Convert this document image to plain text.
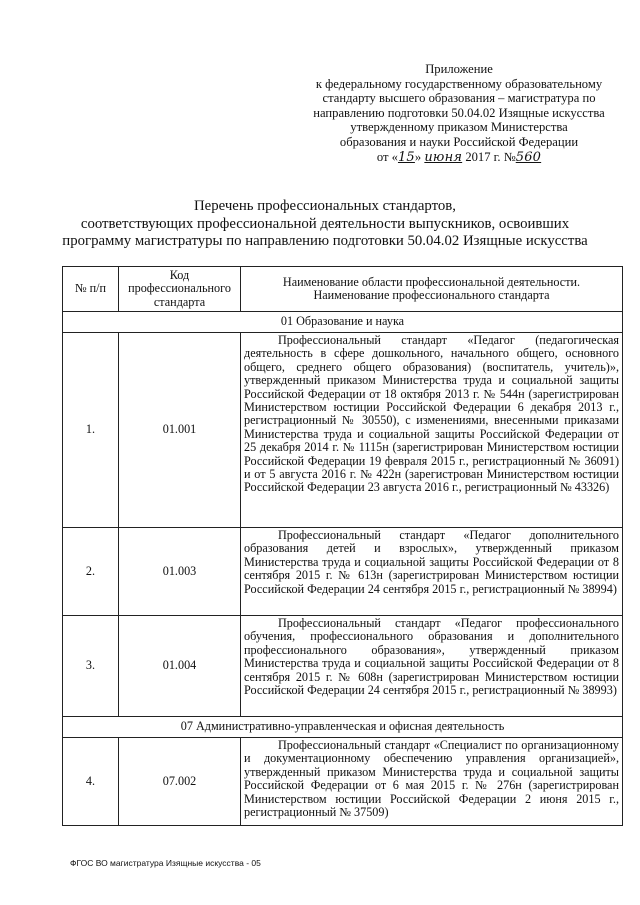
Приложение
к федеральному государственному образовательному
стандарту высшего образования – магистратура по
направлению подготовки 50.04.02 Изящные искусства
утвержденному приказом Министерства
образования и науки Российской Федерации
от «15» июня 2017 г. №560
Перечень профессиональных стандартов,
соответствующих профессиональной деятельности выпускников, освоивших
программу магистратуры по направлению подготовки 50.04.02 Изящные искусства
№ п/п	Код профессионального стандарта	Наименование области профессиональной деятельности. Наименование профессионального стандарта
01 Образование и наука		
1.	01.001	Профессиональный стандарт «Педагог (педагогическая деятельность в сфере дошкольного, начального общего, основного общего, среднего общего образования) (воспитатель, учитель)», утвержденный приказом Министерства труда и социальной защиты Российской Федерации от 18 октября 2013 г. № 544н (зарегистрирован Министерством юстиции Российской Федерации 6 декабря 2013 г., регистрационный № 30550), с изменениями, внесенными приказами Министерства труда и социальной защиты Российской Федерации от 25 декабря 2014 г. № 1115н (зарегистрирован Министерством юстиции Российской Федерации 19 февраля 2015 г., регистрационный № 36091) и от 5 августа 2016 г. № 422н (зарегистрован Министерством юстиции Российской Федерации 23 августа 2016 г., регистрационный № 43326)
2.	01.003	Профессиональный стандарт «Педагог дополнительного образования детей и взрослых», утвержденный приказом Министерства труда и социальной защиты Российской Федерации от 8 сентября 2015 г. № 613н (зарегистрирован Министерством юстиции Российской Федерации 24 сентября 2015 г., регистрационный № 38994)
3.	01.004	Профессиональный стандарт «Педагог профессионального обучения, профессионального образования и дополнительного профессионального образования», утвержденный приказом Министерства труда и социальной защиты Российской Федерации от 8 сентября 2015 г. № 608н (зарегистрирован Министерством юстиции Российской Федерации 24 сентября 2015 г., регистрационный № 38993)
07 Административно-управленческая и офисная деятельность		
4.	07.002	Профессиональный стандарт «Специалист по организационному и документационному обеспечению управления организацией», утвержденный приказом Министерства труда и социальной защиты Российской Федерации от 6 мая 2015 г. № 276н (зарегистрирован Министерством юстиции Российской Федерации 2 июня 2015 г., регистрационный № 37509)
ФГОС ВО магистратура Изящные искусства - 05
